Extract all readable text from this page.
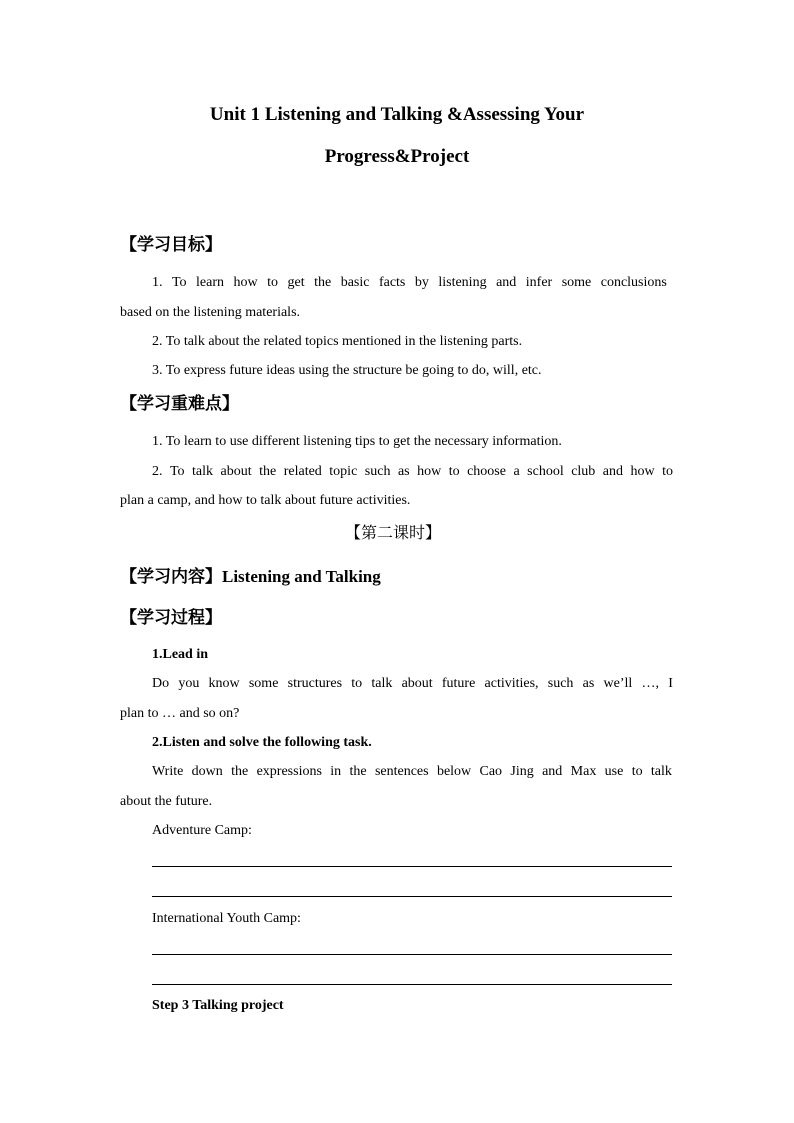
Unit 1 Listening and Talking &Assessing Your
Progress&Project
【学习目标】
1. To learn how to get the basic facts by listening and infer some conclusions
based on the listening materials.
2. To talk about the related topics mentioned in the listening parts.
3. To express future ideas using the structure be going to do, will, etc.
【学习重难点】
1. To learn to use different listening tips to get the necessary information.
2. To talk about the related topic such as how to choose a school club and how to
plan a camp, and how to talk about future activities.
【第二课时】
【学习内容】Listening and Talking
【学习过程】
1.Lead in
Do you know some structures to talk about future activities, such as we’ll …, I
plan to … and so on?
2.Listen and solve the following task.
Write down the expressions in the sentences below Cao Jing and Max use to talk
about the future.
Adventure Camp:
International Youth Camp:
Step 3 Talking project
